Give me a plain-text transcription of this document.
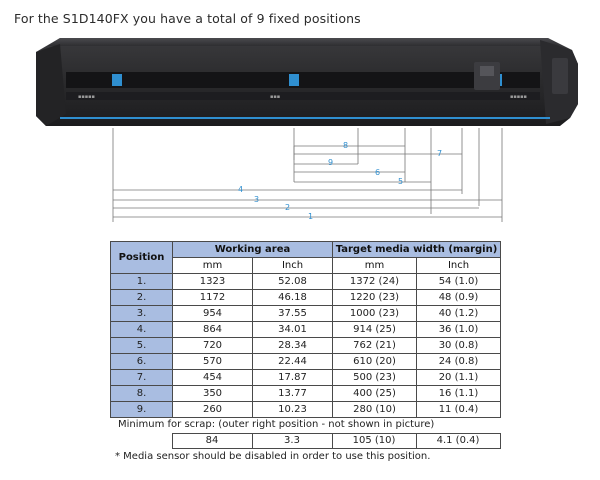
For the S1D140FX you have a total of 9 fixed positions
▪▪▪▪▪	▪▪▪	▪▪▪▪▪
8
7
9
6
5
4
3
2
1
Position	Working area		Target media width (margin)	
	mm	Inch	mm	Inch
1.	1323	52.08	1372 (24)	54 (1.0)
2.	1172	46.18	1220 (23)	48 (0.9)
3.	954	37.55	1000 (23)	40 (1.2)
4.	864	34.01	914 (25)	36 (1.0)
5.	720	28.34	762 (21)	30 (0.8)
6.	570	22.44	610 (20)	24 (0.8)
7.	454	17.87	500 (23)	20 (1.1)
8.	350	13.77	400 (25)	16 (1.1)
9.	260	10.23	280 (10)	11 (0.4)
Minimum for scrap: (outer right position - not shown in picture)
	84	3.3	105 (10)	4.1 (0.4)
* Media sensor should be disabled in order to use this position.
